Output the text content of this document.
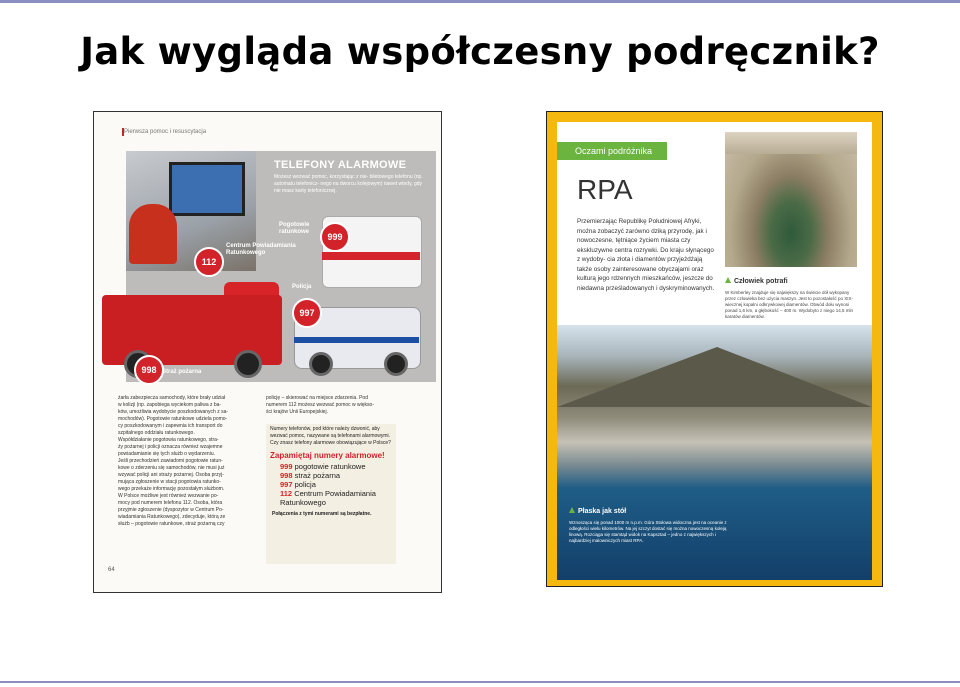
Jak wygląda współczesny podręcznik?
Pierwsza pomoc i resuscytacja
TELEFONY ALARMOWE
Możesz wezwać pomoc, korzystając z nie- biletowego telefonu (np. automatu telefonicz- nego na dworcu kolejowym) nawet wtedy, gdy nie masz karty telefonicznej.
112
Centrum Powiadamiania Ratunkowego
999
Pogotowie ratunkowe
997
Policja
998 Straż pożarna
żarła zabezpiecza samochody, które brały udział
w kolizji (np. zapobiega wyciekom paliwa z ba-
ków, umożliwia wydobycie poszkodowanych z sa-
mochodów). Pogotowie ratunkowe udziela pomo-
cy poszkodowanym i zapewnia ich transport do
szpitalnego oddziału ratunkowego.
Współdziałanie pogotowia ratunkowego, stra-
ży pożarnej i policji oznacza również wzajemne
powiadamianie się tych służb o wydarzeniu.
Jeśli przechodzień zawiadomi pogotowie ratun-
kowe o zderzeniu się samochodów, nie musi już
wzywać policji ani straży pożarnej. Osoba przyj-
mująca zgłoszenie w stacji pogotowia ratunko-
wego przekaże informację pozostałym służbom.
W Polsce możliwe jest również wezwanie po-
mocy pod numerem telefonu 112. Osoba, która
przyjmie zgłoszenie (dyspozytor w Centrum Po-
wiadamiania Ratunkowego), zdecyduje, którą ze
służb – pogotowie ratunkowe, straż pożarną czy
policję – skierować na miejsce zdarzenia. Pod
numerem 112 możesz wezwać pomoc w więkso-
ści krajów Unii Europejskiej.
Numery telefonów, pod które należy dzwonić, aby wezwać pomoc, nazywane są telefonami alarmowymi. Czy znasz telefony alarmowe obowiązujące w Polsce?
Zapamiętaj numery alarmowe!
999 pogotowie ratunkowe
998 straż pożarna
997 policja
112 Centrum Powiadamiania Ratunkowego
Połączenia z tymi numerami są bezpłatne.
64
Oczami podróżnika
RPA
Przemierzając Republikę Południowej Afryki, można zobaczyć zarówno dziką przyrodę, jak i nowoczesne, tętniące życiem miasta czy ekskluzywne centra rozrywki. Do kraju słynącego z wydoby- cia złota i diamentów przyjeżdżają także osoby zainteresowane obyczajami oraz kulturą jego rdzennych mieszkańców, jeszcze do niedawna prześladowanych i dyskryminowanych.
Człowiek potrafi
W Kimberley znajduje się największy na świecie dół wykopany przez człowieka bez użycia maszyn. Jest to pozostałość po XIX-wiecznej kopalni odkrywkowej diamentów. Obwód dołu wynosi ponad 1,6 km, a głębokość – 400 m. Wydobyto z niego 14,5 mln karatów diamentów.
Płaska jak stół
Wznosząca się ponad 1000 m n.p.m. Góra Stołowa widoczna jest na oceanie z odległości wielu kilometrów. Na jej szczyt dostać się można nowoczesną koleją linową. Rozciąga się stamtąd widok na Kapsztad – jedno z największych i najbardziej malowniczych miast RPA.
